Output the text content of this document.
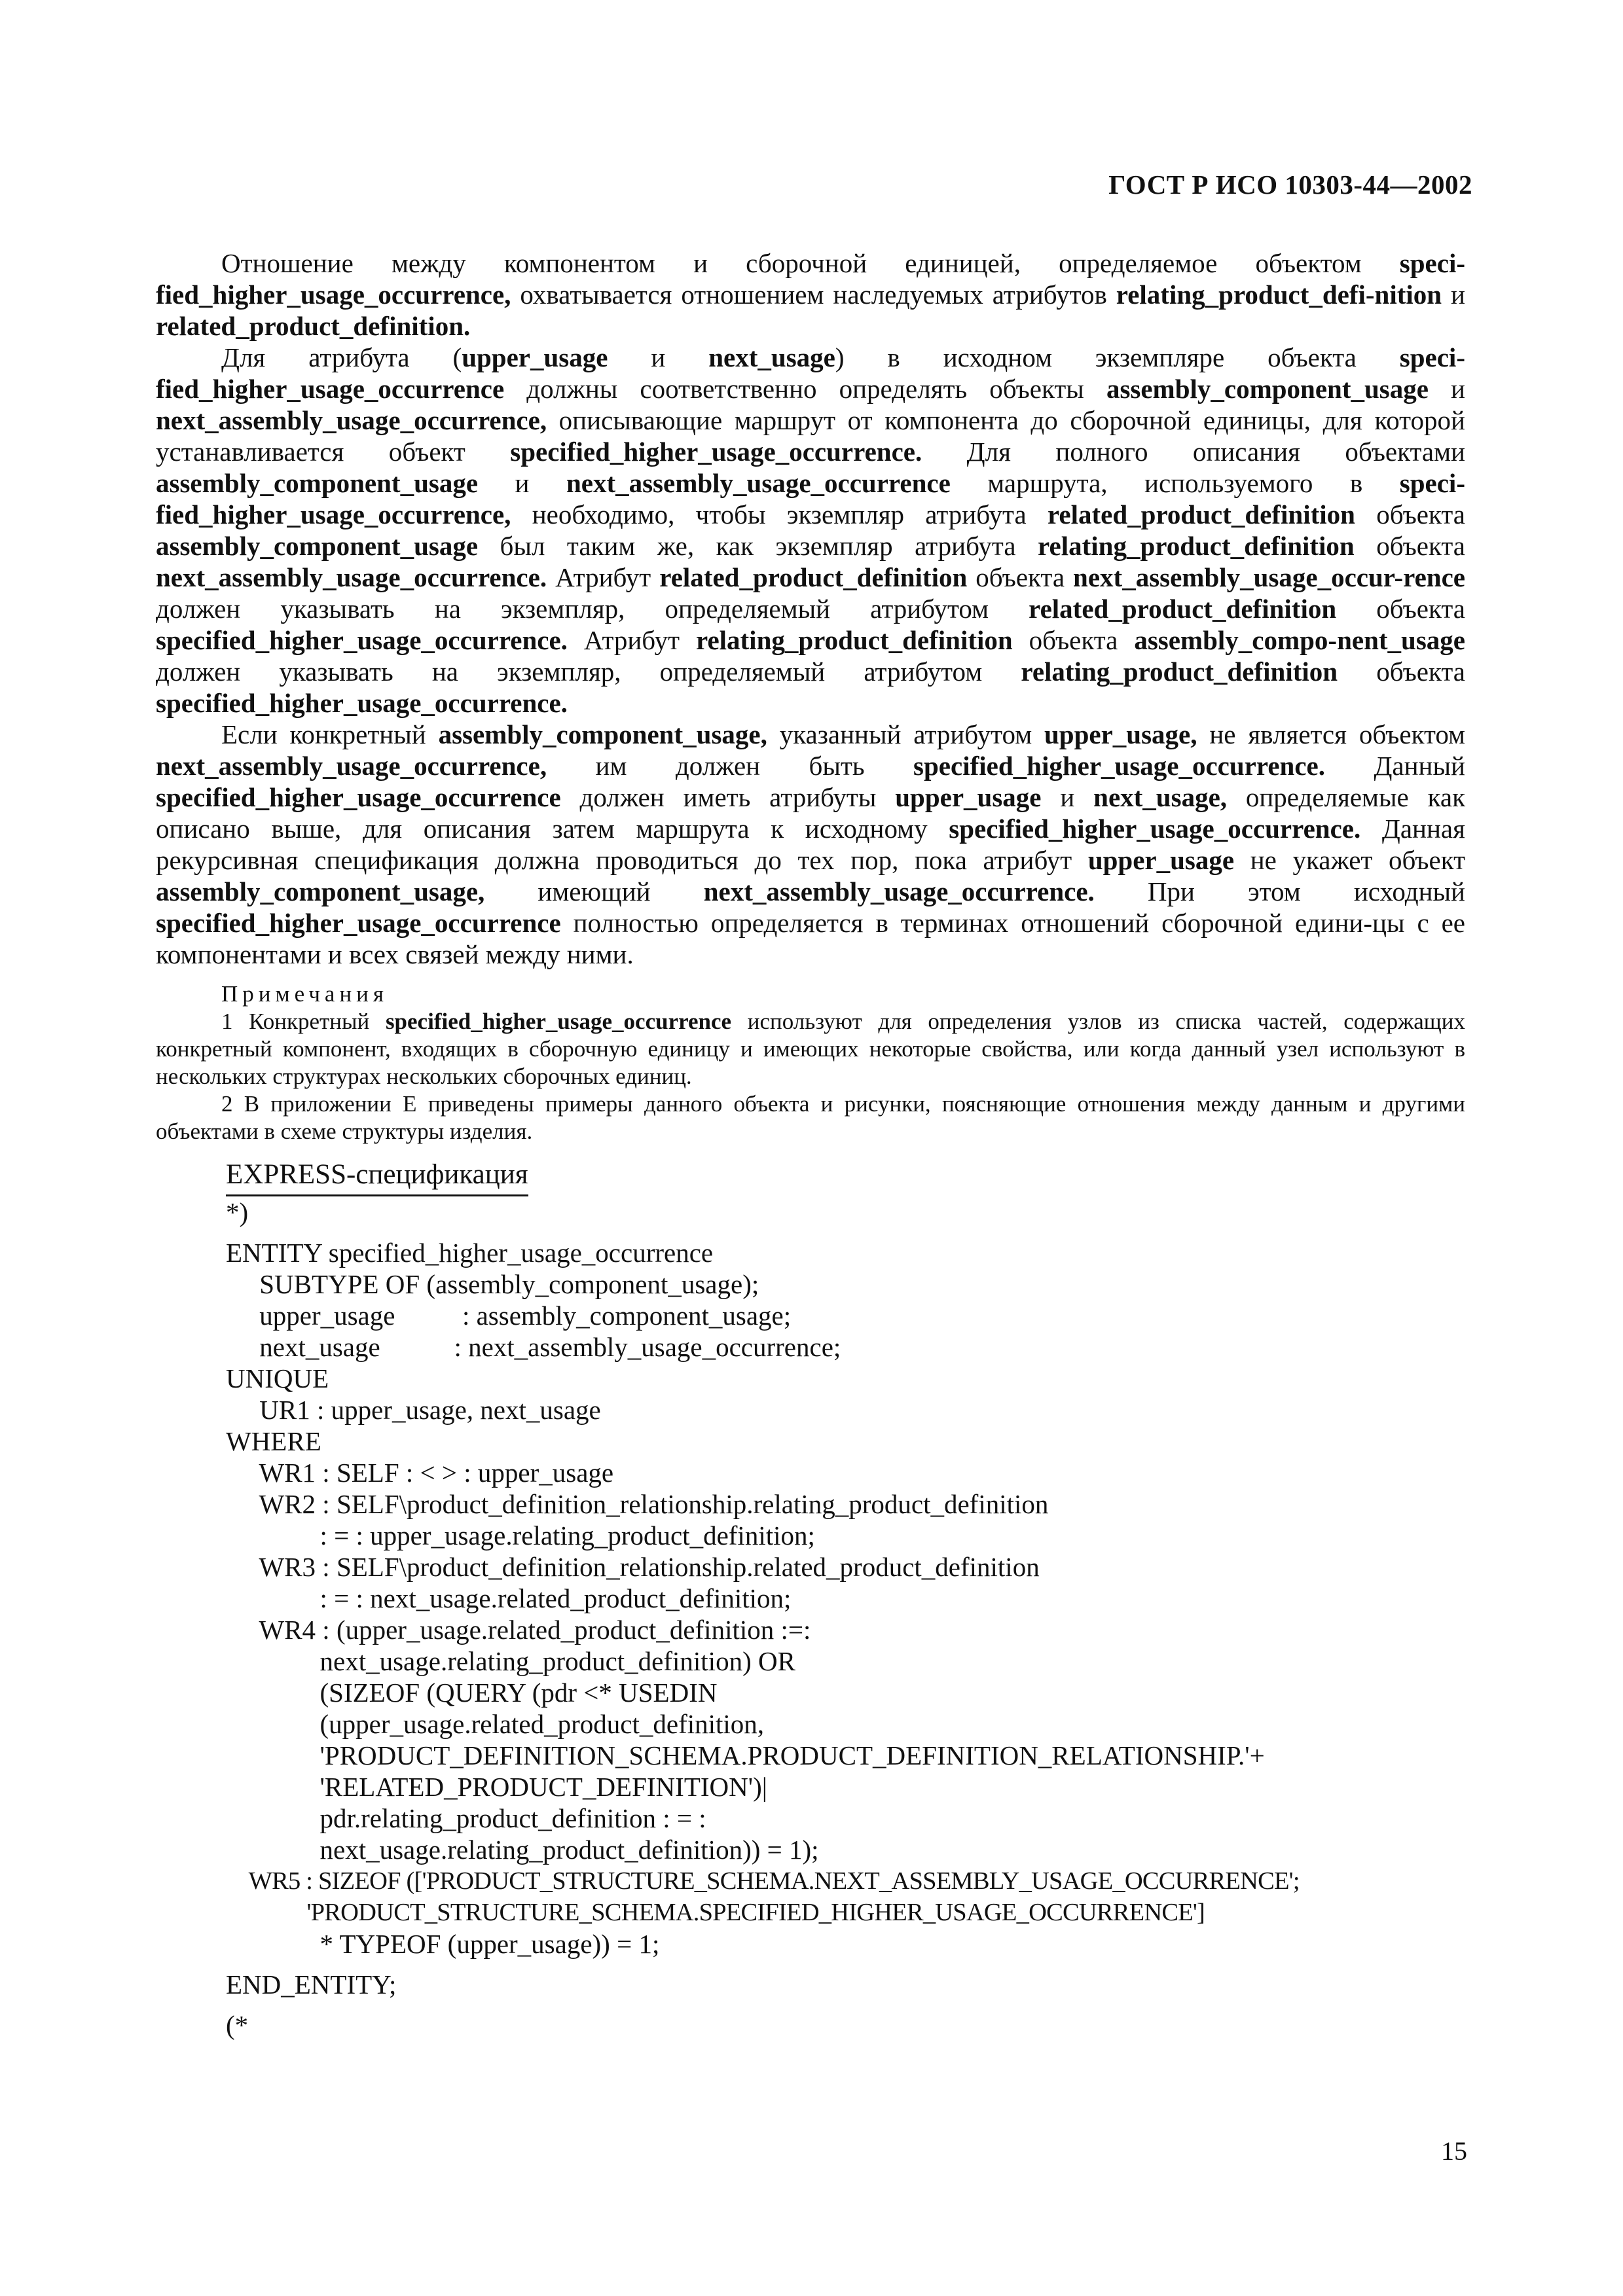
ГОСТ Р ИСО 10303-44—2002

Отношение между компонентом и сборочной единицей, определяемое объектом speci-fied_higher_usage_occurrence, охватывается отношением наследуемых атрибутов relating_product_defi-nition и related_product_definition.

Для атрибута (upper_usage и next_usage) в исходном экземпляре объекта speci-fied_higher_usage_occurrence должны соответственно определять объекты assembly_component_usage и next_assembly_usage_occurrence, описывающие маршрут от компонента до сборочной единицы, для которой устанавливается объект specified_higher_usage_occurrence. Для полного описания объектами assembly_component_usage и next_assembly_usage_occurrence маршрута, используемого в speci-fied_higher_usage_occurrence, необходимо, чтобы экземпляр атрибута related_product_definition объекта assembly_component_usage был таким же, как экземпляр атрибута relating_product_definition объекта next_assembly_usage_occurrence. Атрибут related_product_definition объекта next_assembly_usage_occur-rence должен указывать на экземпляр, определяемый атрибутом related_product_definition объекта specified_higher_usage_occurrence. Атрибут relating_product_definition объекта assembly_compo-nent_usage должен указывать на экземпляр, определяемый атрибутом relating_product_definition объекта specified_higher_usage_occurrence.

Если конкретный assembly_component_usage, указанный атрибутом upper_usage, не является объектом next_assembly_usage_occurrence, им должен быть specified_higher_usage_occurrence. Данный specified_higher_usage_occurrence должен иметь атрибуты upper_usage и next_usage, определяемые как описано выше, для описания затем маршрута к исходному specified_higher_usage_occurrence. Данная рекурсивная спецификация должна проводиться до тех пор, пока атрибут upper_usage не укажет объект assembly_component_usage, имеющий next_assembly_usage_occurrence. При этом исходный specified_higher_usage_occurrence полностью определяется в терминах отношений сборочной едини-цы с ее компонентами и всех связей между ними.

Примечания

1 Конкретный specified_higher_usage_occurrence используют для определения узлов из списка частей, содержащих конкретный компонент, входящих в сборочную единицу и имеющих некоторые свойства, или когда данный узел используют в нескольких структурах нескольких сборочных единиц.

2 В приложении Е приведены примеры данного объекта и рисунки, поясняющие отношения между данным и другими объектами в схеме структуры изделия.

EXPRESS-спецификация
*)
ENTITY specified_higher_usage_occurrence
SUBTYPE OF (assembly_component_usage);
upper_usage          : assembly_component_usage;
next_usage           : next_assembly_usage_occurrence;
UNIQUE
UR1 : upper_usage, next_usage
WHERE
WR1 : SELF : < > : upper_usage
WR2 : SELF\product_definition_relationship.relating_product_definition
: = : upper_usage.relating_product_definition;
WR3 : SELF\product_definition_relationship.related_product_definition
: = : next_usage.related_product_definition;
WR4 : (upper_usage.related_product_definition :=:
next_usage.relating_product_definition) OR
(SIZEOF (QUERY (pdr <* USEDIN
(upper_usage.related_product_definition,
'PRODUCT_DEFINITION_SCHEMA.PRODUCT_DEFINITION_RELATIONSHIP.'+
'RELATED_PRODUCT_DEFINITION')|
pdr.relating_product_definition : = :
next_usage.relating_product_definition)) = 1);
WR5 : SIZEOF (['PRODUCT_STRUCTURE_SCHEMA.NEXT_ASSEMBLY_USAGE_OCCURRENCE';
'PRODUCT_STRUCTURE_SCHEMA.SPECIFIED_HIGHER_USAGE_OCCURRENCE']
* TYPEOF (upper_usage)) = 1;
END_ENTITY;
(*
15
